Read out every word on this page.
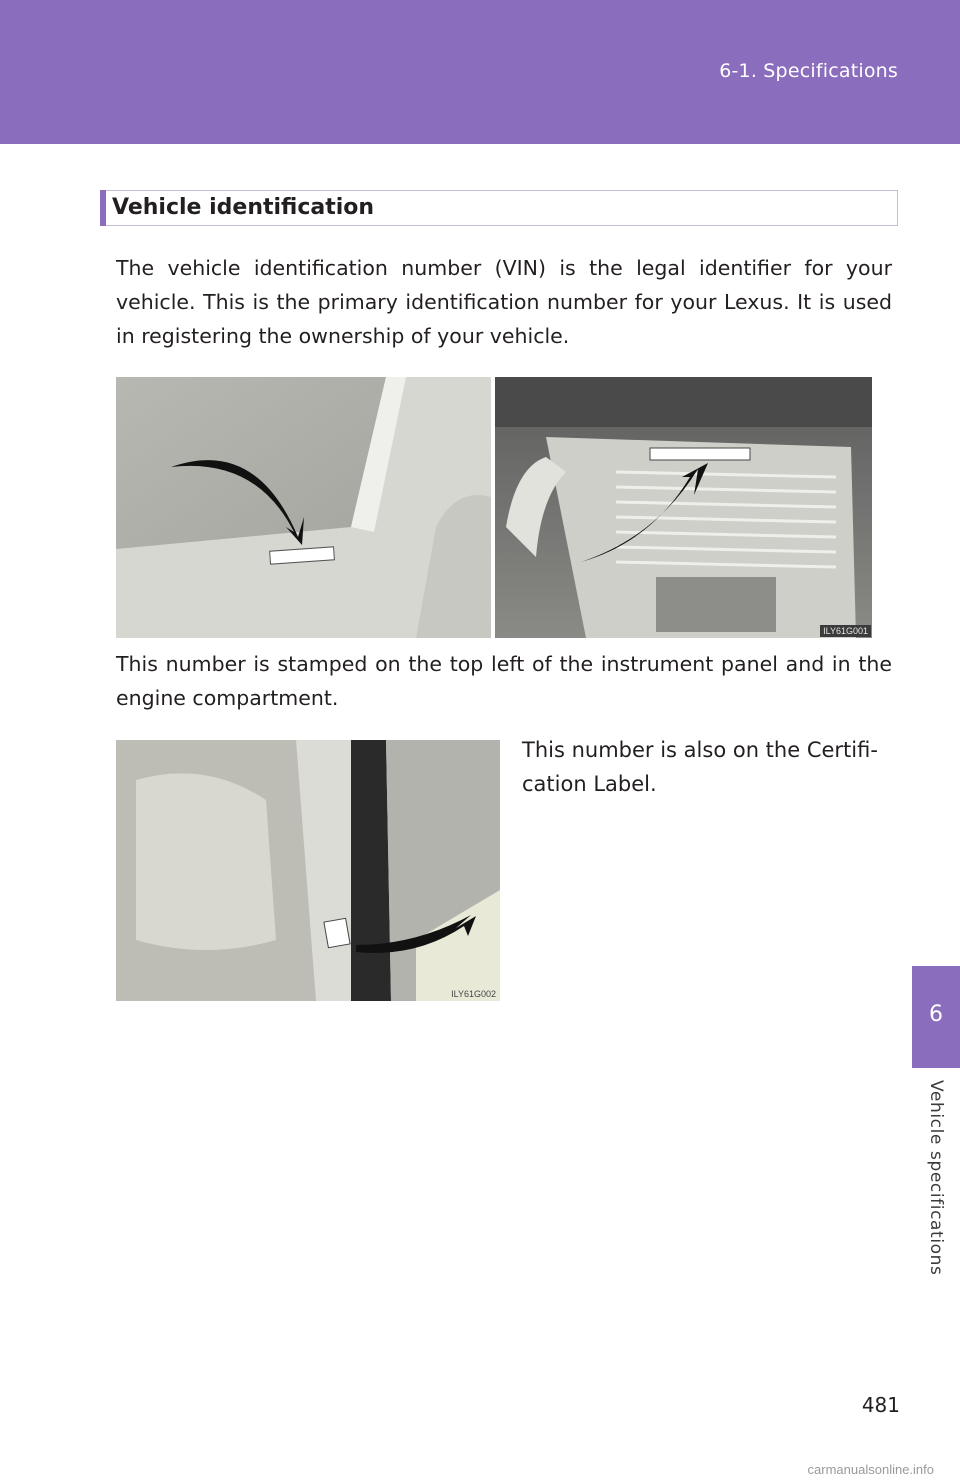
6-1. Specifications
6
Vehicle specifications
Vehicle identification

The vehicle identification number (VIN) is the legal identifier for your vehicle. This is the primary identification number for your Lexus. It is used in registering the ownership of your vehicle.

ILY61G001

This number is stamped on the top left of the instrument panel and in the engine compartment.

ILY61G002

This number is also on the Certifi-cation Label.

481
carmanualsonline.info
